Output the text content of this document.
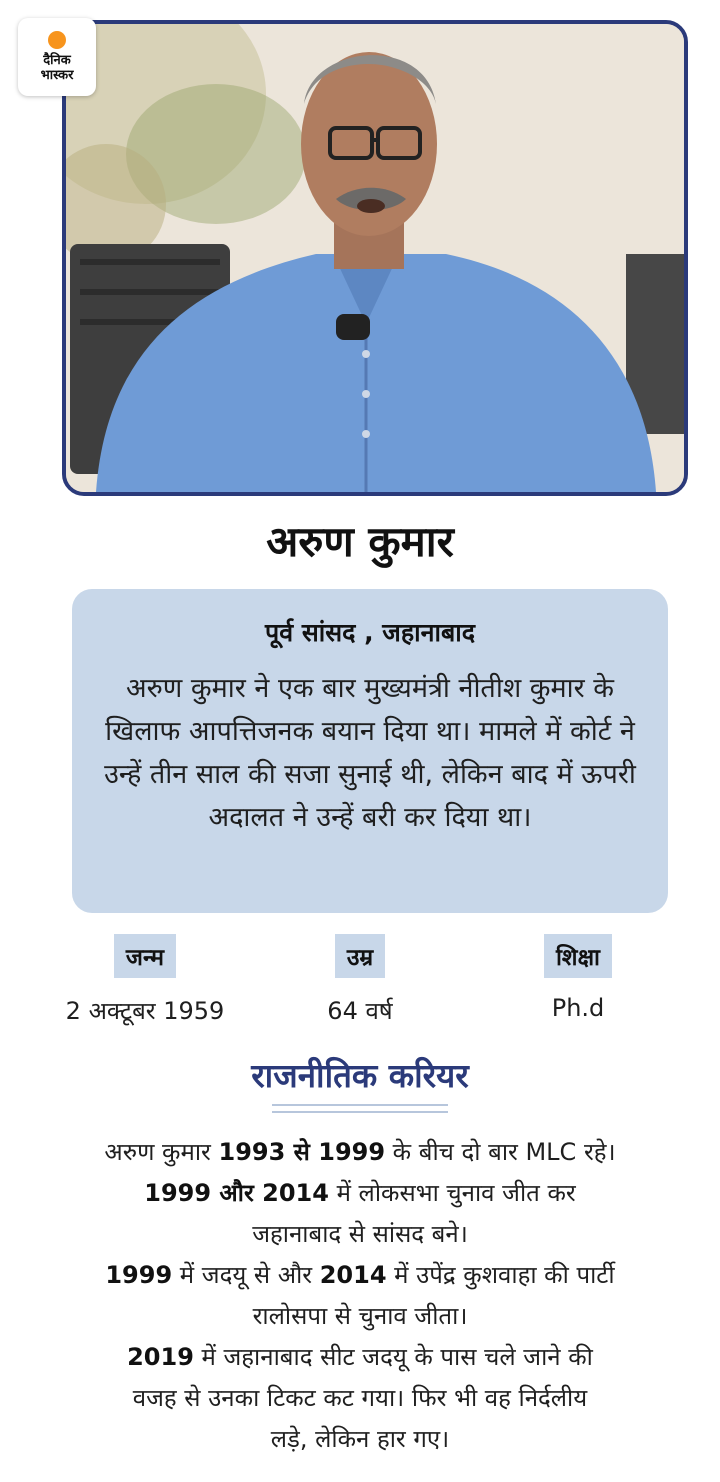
दैनिक
भास्कर
अरुण कुमार
पूर्व सांसद , जहानाबाद
अरुण कुमार ने एक बार मुख्यमंत्री नीतीश कुमार के खिलाफ आपत्तिजनक बयान दिया था। मामले में कोर्ट ने उन्हें तीन साल की सजा सुनाई थी, लेकिन बाद में ऊपरी अदालत ने उन्हें बरी कर दिया था।
जन्म
2 अक्टूबर 1959
उम्र
64 वर्ष
शिक्षा
Ph.d
राजनीतिक करियर
अरुण कुमार 1993 से 1999 के बीच दो बार MLC रहे।
1999 और 2014 में लोकसभा चुनाव जीत कर
जहानाबाद से सांसद बने।
1999 में जदयू से और 2014 में उपेंद्र कुशवाहा की पार्टी
रालोसपा से चुनाव जीता।
2019 में जहानाबाद सीट जदयू के पास चले जाने की
वजह से उनका टिकट कट गया। फिर भी वह निर्दलीय
लड़े, लेकिन हार गए।
